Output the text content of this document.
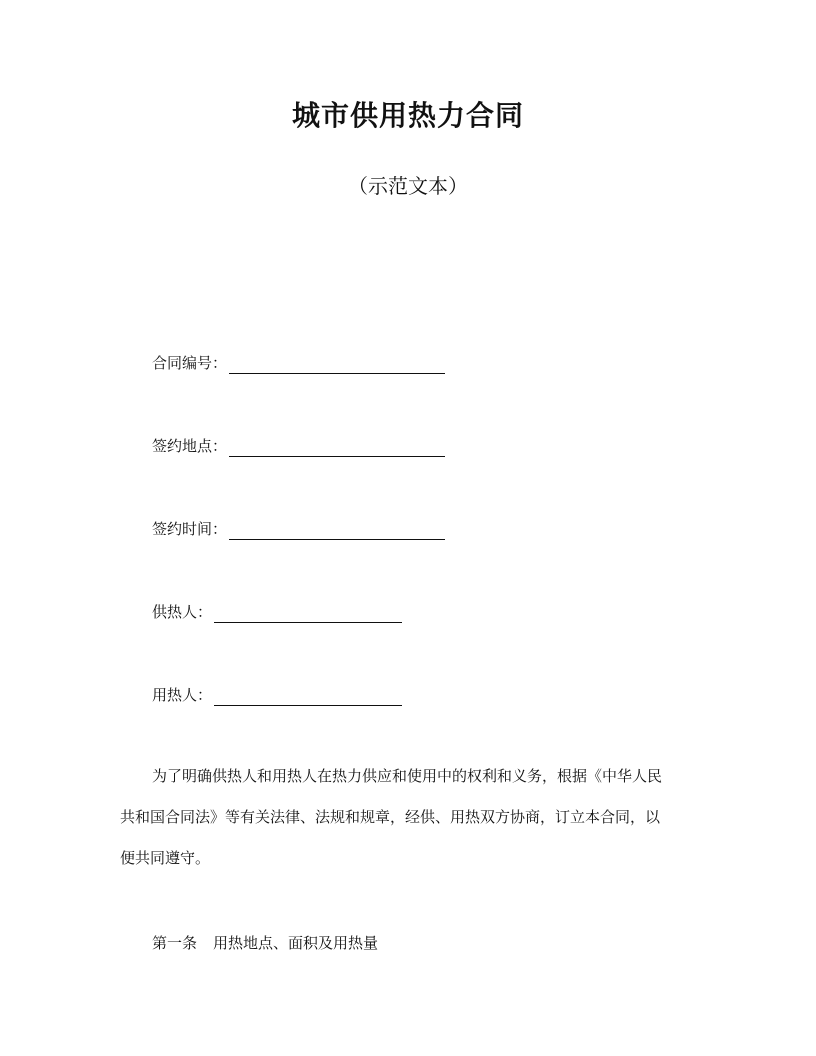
城市供用热力合同
（示范文本）
合同编号：
签约地点：
签约时间：
供热人：
用热人：
为了明确供热人和用热人在热力供应和使用中的权利和义务，根据《中华人民
共和国合同法》等有关法律、法规和规章，经供、用热双方协商，订立本合同，以
便共同遵守。
第一条 用热地点、面积及用热量
